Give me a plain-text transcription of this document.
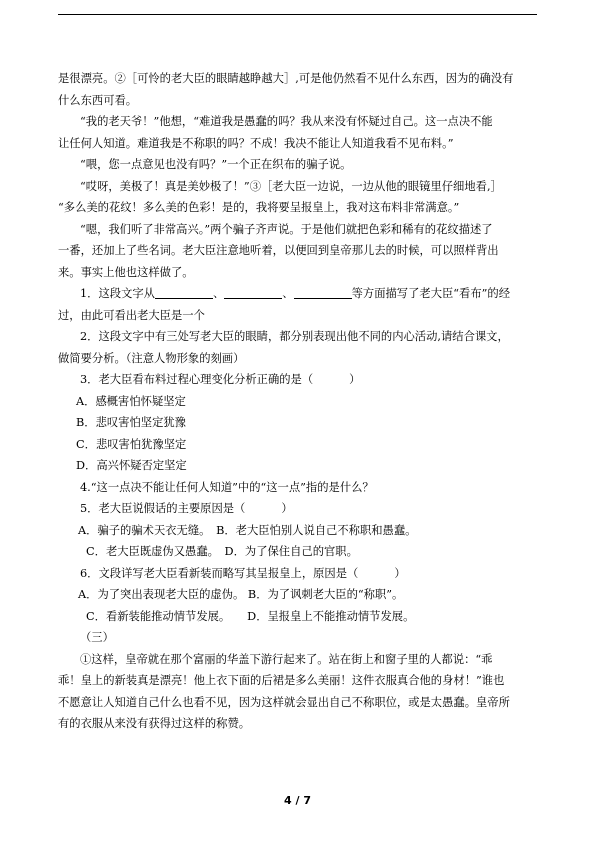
是很漂亮。②［可怜的老大臣的眼睛越睁越大］,可是他仍然看不见什么东西，因为的确没有
什么东西可看。
“我的老天爷！”他想，“难道我是愚蠢的吗？我从来没有怀疑过自己。这一点决不能
让任何人知道。难道我是不称职的吗？不成！我决不能让人知道我看不见布料。”
“喂，您一点意见也没有吗？”一个正在织布的骗子说。
“哎呀，美极了！真是美妙极了！”③［老大臣一边说，一边从他的眼镜里仔细地看,］
“多么美的花纹！多么美的色彩！是的，我将要呈报皇上，我对这布料非常满意。”
“嗯，我们听了非常高兴。”两个骗子齐声说。于是他们就把色彩和稀有的花纹描述了
一番，还加上了些名词。老大臣注意地听着，以便回到皇帝那儿去的时候，可以照样背出
来。事实上他也这样做了。
1．这段文字从	、	、	等方面描写了老大臣“看布”的经
过，由此可看出老大臣是一个
2．这段文字中有三处写老大臣的眼睛，都分别表现出他不同的内心活动,请结合课文，
做简要分析。（注意人物形象的刻画）
3．老大臣看布料过程心理变化分析正确的是（	）
A．感概害怕怀疑坚定
B．悲叹害怕坚定犹豫
C．悲叹害怕犹豫坚定
D．高兴怀疑否定坚定
4.“这一点决不能让任何人知道”中的“这一点”指的是什么？
5．老大臣说假话的主要原因是（	）
A．骗子的骗术天衣无缝。　B．老大臣怕别人说自己不称职和愚蠢。
C．老大臣既虚伪又愚蠢。　D．为了保住自己的官职。
6．文段详写老大臣看新装而略写其呈报皇上，原因是（	）
A．为了突出表现老大臣的虚伪。 B．为了讽刺老大臣的“称职”。
C．看新装能推动情节发展。　　D．呈报皇上不能推动情节发展。
（三）
①这样，皇帝就在那个富丽的华盖下游行起来了。站在街上和窗子里的人都说：“乖
乖！皇上的新装真是漂亮！他上衣下面的后裙是多么美丽！这件衣服真合他的身材！”谁也
不愿意让人知道自己什么也看不见，因为这样就会显出自己不称职位，或是太愚蠢。皇帝所
有的衣服从来没有获得过这样的称赞。
4 / 7
